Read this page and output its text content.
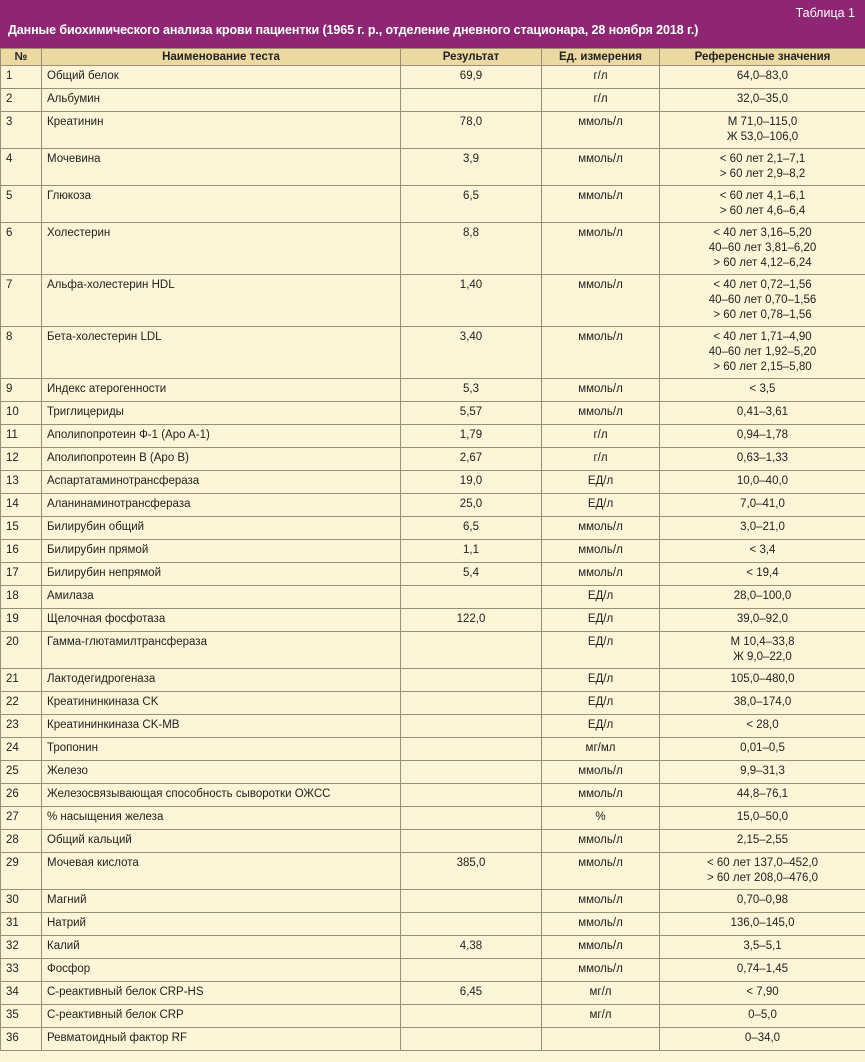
Таблица 1
Данные биохимического анализа крови пациентки (1965 г. р., отделение дневного стационара, 28 ноября 2018 г.)
№	Наименование теста	Результат	Ед. измерения	Референсные значения
1	Общий белок	69,9	г/л	64,0–83,0

2	Альбумин		г/л	32,0–35,0

3	Креатинин	78,0	ммоль/л	М 71,0–115,0
Ж 53,0–106,0

4	Мочевина	3,9	ммоль/л	< 60 лет 2,1–7,1
> 60 лет 2,9–8,2

5	Глюкоза	6,5	ммоль/л	< 60 лет 4,1–6,1
> 60 лет 4,6–6,4

6	Холестерин	8,8	ммоль/л	< 40 лет 3,16–5,20
40–60 лет 3,81–6,20
> 60 лет 4,12–6,24

7	Альфа-холестерин HDL	1,40	ммоль/л	< 40 лет 0,72–1,56
40–60 лет 0,70–1,56
> 60 лет 0,78–1,56

8	Бета-холестерин LDL	3,40	ммоль/л	< 40 лет 1,71–4,90
40–60 лет 1,92–5,20
> 60 лет 2,15–5,80

9	Индекс атерогенности	5,3	ммоль/л	< 3,5

10	Триглицериды	5,57	ммоль/л	0,41–3,61

11	Аполипопротеин Ф-1 (Apo A-1)	1,79	г/л	0,94–1,78

12	Аполипопротеин В (Apo B)	2,67	г/л	0,63–1,33

13	Аспартатаминотрансфераза	19,0	ЕД/л	10,0–40,0

14	Аланинаминотрансфераза	25,0	ЕД/л	7,0–41,0

15	Билирубин общий	6,5	ммоль/л	3,0–21,0

16	Билирубин прямой	1,1	ммоль/л	< 3,4

17	Билирубин непрямой	5,4	ммоль/л	< 19,4

18	Амилаза		ЕД/л	28,0–100,0

19	Щелочная фосфотаза	122,0	ЕД/л	39,0–92,0

20	Гамма-глютамилтрансфераза		ЕД/л	М 10,4–33,8
Ж 9,0–22,0

21	Лактодегидрогеназа		ЕД/л	105,0–480,0

22	Креатининкиназа CK		ЕД/л	38,0–174,0

23	Креатининкиназа CK-MB		ЕД/л	< 28,0

24	Тропонин		мг/мл	0,01–0,5

25	Железо		ммоль/л	9,9–31,3

26	Железосвязывающая способность сыворотки ОЖСС		ммоль/л	44,8–76,1

27	% насыщения железа		%	15,0–50,0

28	Общий кальций		ммоль/л	2,15–2,55

29	Мочевая кислота	385,0	ммоль/л	< 60 лет 137,0–452,0
> 60 лет 208,0–476,0

30	Магний		ммоль/л	0,70–0,98

31	Натрий		ммоль/л	136,0–145,0

32	Калий	4,38	ммоль/л	3,5–5,1

33	Фосфор		ммоль/л	0,74–1,45

34	С-реактивный белок CRP-HS	6,45	мг/л	< 7,90

35	С-реактивный белок CRP		мг/л	0–5,0

36	Ревматоидный фактор RF			0–34,0
